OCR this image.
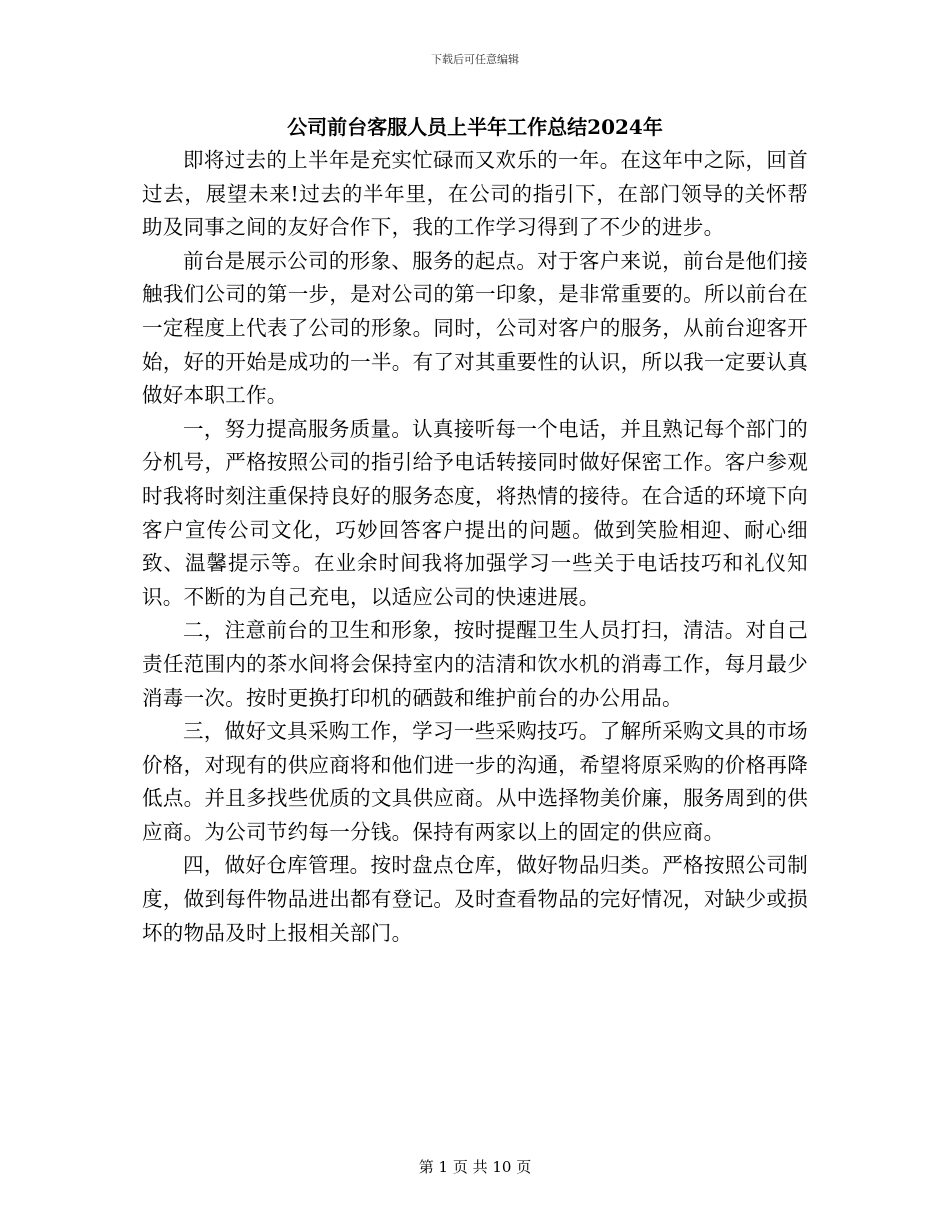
下载后可任意编辑
公司前台客服人员上半年工作总结2024年

即将过去的上半年是充实忙碌而又欢乐的一年。在这年中之际，回首过去，展望未来!过去的半年里，在公司的指引下，在部门领导的关怀帮助及同事之间的友好合作下，我的工作学习得到了不少的进步。

前台是展示公司的形象、服务的起点。对于客户来说，前台是他们接触我们公司的第一步，是对公司的第一印象，是非常重要的。所以前台在一定程度上代表了公司的形象。同时，公司对客户的服务，从前台迎客开始，好的开始是成功的一半。有了对其重要性的认识，所以我一定要认真做好本职工作。

一，努力提高服务质量。认真接听每一个电话，并且熟记每个部门的分机号，严格按照公司的指引给予电话转接同时做好保密工作。客户参观时我将时刻注重保持良好的服务态度，将热情的接待。在合适的环境下向客户宣传公司文化，巧妙回答客户提出的问题。做到笑脸相迎、耐心细致、温馨提示等。在业余时间我将加强学习一些关于电话技巧和礼仪知识。不断的为自己充电，以适应公司的快速进展。

二，注意前台的卫生和形象，按时提醒卫生人员打扫，清洁。对自己责任范围内的茶水间将会保持室内的洁清和饮水机的消毒工作，每月最少消毒一次。按时更换打印机的硒鼓和维护前台的办公用品。

三，做好文具采购工作，学习一些采购技巧。了解所采购文具的市场价格，对现有的供应商将和他们进一步的沟通，希望将原采购的价格再降低点。并且多找些优质的文具供应商。从中选择物美价廉，服务周到的供应商。为公司节约每一分钱。保持有两家以上的固定的供应商。

四，做好仓库管理。按时盘点仓库，做好物品归类。严格按照公司制度，做到每件物品进出都有登记。及时查看物品的完好情况，对缺少或损坏的物品及时上报相关部门。

第 1 页 共 10 页
